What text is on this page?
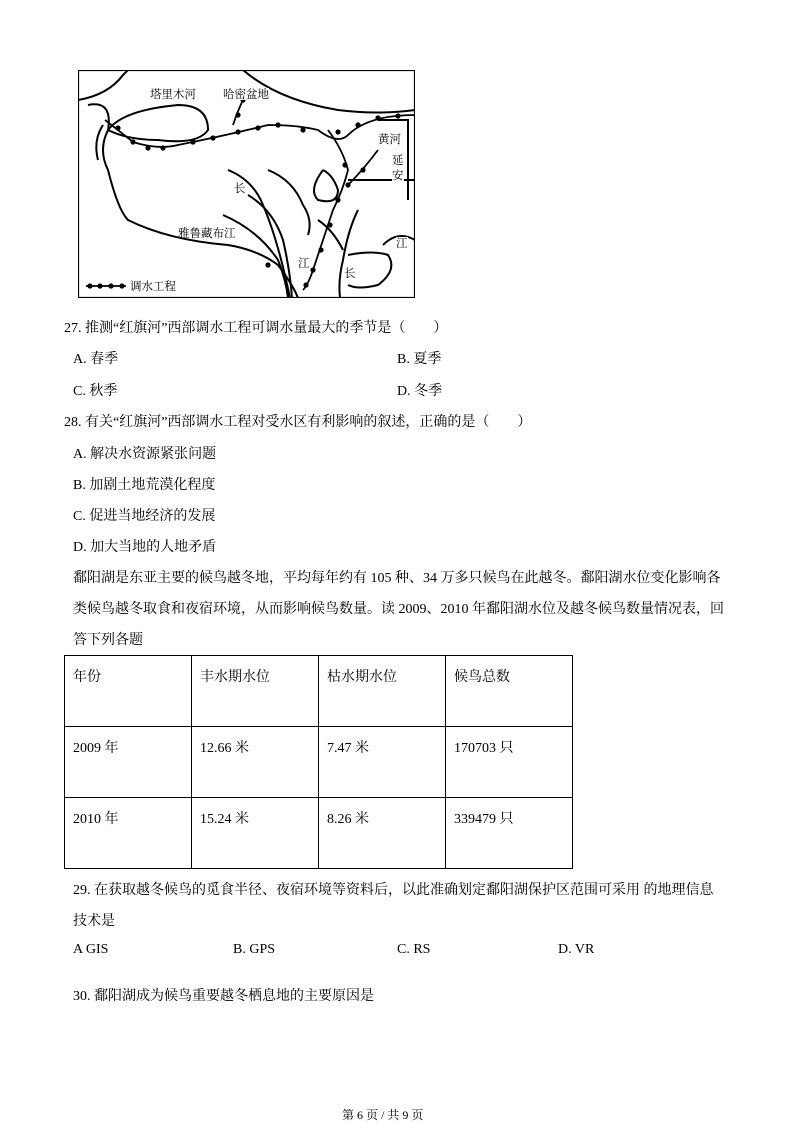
塔里木河 哈密盆地
黄河
延
安
长
雅鲁藏布江
江
长
江
调水工程
27. 推测“红旗河”西部调水工程可调水量最大的季节是（　　）
A. 春季	B. 夏季
C. 秋季	D. 冬季
28. 有关“红旗河”西部调水工程对受水区有利影响的叙述，正确的是（　　）
A. 解决水资源紧张问题
B. 加剧土地荒漠化程度
C. 促进当地经济的发展
D. 加大当地的人地矛盾
鄱阳湖是东亚主要的候鸟越冬地，平均每年约有 105 种、34 万多只候鸟在此越冬。鄱阳湖水位变化影响各
类候鸟越冬取食和夜宿环境，从而影响候鸟数量。读 2009、2010 年鄱阳湖水位及越冬候鸟数量情况表，回
答下列各题
年份	丰水期水位	枯水期水位	候鸟总数
2009 年	12.66 米	7.47 米	170703 只
2010 年	15.24 米	8.26 米	339479 只
29. 在获取越冬候鸟的觅食半径、夜宿环境等资料后，以此准确划定鄱阳湖保护区范围可采用 的地理信息
技术是
A GIS	B. GPS	C. RS	D. VR
30. 鄱阳湖成为候鸟重要越冬栖息地的主要原因是
第 6 页 / 共 9 页
